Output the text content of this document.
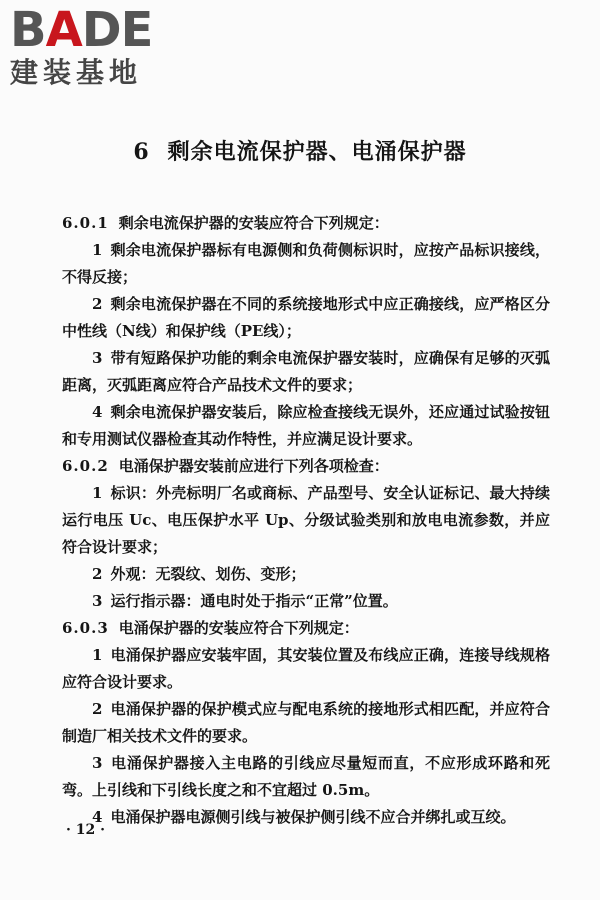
BADE
建装基地
6 剩余电流保护器、电涌保护器
6.0.1 剩余电流保护器的安装应符合下列规定：
1 剩余电流保护器标有电源侧和负荷侧标识时，应按产品标识接线，不得反接；
2 剩余电流保护器在不同的系统接地形式中应正确接线，应严格区分中性线（N线）和保护线（PE线）；
3 带有短路保护功能的剩余电流保护器安装时，应确保有足够的灭弧距离，灭弧距离应符合产品技术文件的要求；
4 剩余电流保护器安装后，除应检查接线无误外，还应通过试验按钮和专用测试仪器检查其动作特性，并应满足设计要求。
6.0.2 电涌保护器安装前应进行下列各项检查：
1 标识：外壳标明厂名或商标、产品型号、安全认证标记、最大持续运行电压 Uc、电压保护水平 Up、分级试验类别和放电电流参数，并应符合设计要求；
2 外观：无裂纹、划伤、变形；
3 运行指示器：通电时处于指示“正常”位置。
6.0.3 电涌保护器的安装应符合下列规定：
1 电涌保护器应安装牢固，其安装位置及布线应正确，连接导线规格应符合设计要求。
2 电涌保护器的保护模式应与配电系统的接地形式相匹配，并应符合制造厂相关技术文件的要求。
3 电涌保护器接入主电路的引线应尽量短而直，不应形成环路和死弯。上引线和下引线长度之和不宜超过 0.5m。
4 电涌保护器电源侧引线与被保护侧引线不应合并绑扎或互绞。
· 12 ·
